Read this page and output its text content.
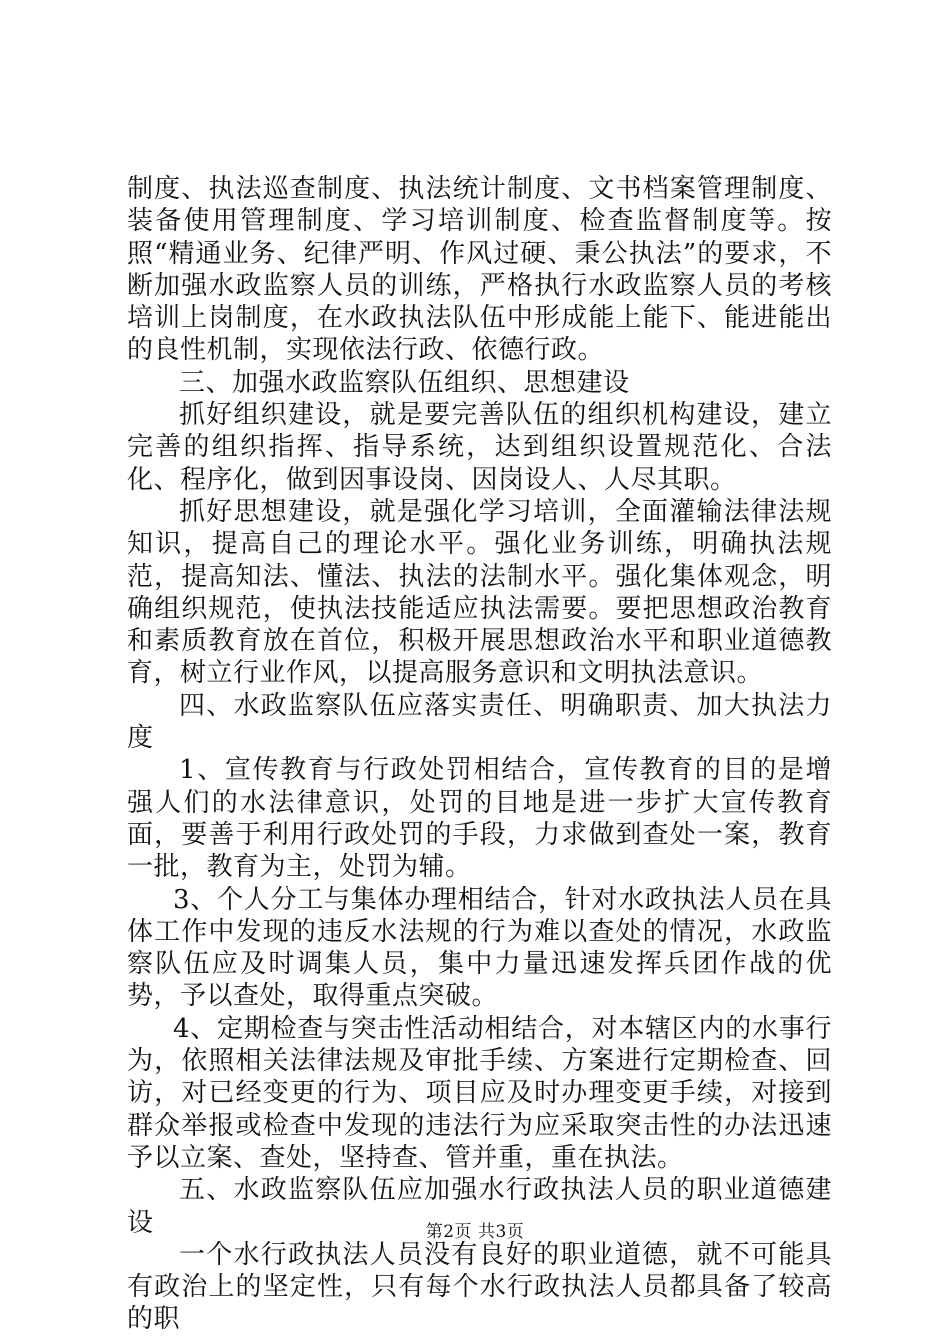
制度、执法巡查制度、执法统计制度、文书档案管理制度、装备使用管理制度、学习培训制度、检查监督制度等。按照“精通业务、纪律严明、作风过硬、秉公执法”的要求，不断加强水政监察人员的训练，严格执行水政监察人员的考核培训上岗制度，在水政执法队伍中形成能上能下、能进能出的良性机制，实现依法行政、依德行政。

三、加强水政监察队伍组织、思想建设

抓好组织建设，就是要完善队伍的组织机构建设，建立完善的组织指挥、指导系统，达到组织设置规范化、合法化、程序化，做到因事设岗、因岗设人、人尽其职。

抓好思想建设，就是强化学习培训，全面灌输法律法规知识，提高自己的理论水平。强化业务训练，明确执法规范，提高知法、懂法、执法的法制水平。强化集体观念，明确组织规范，使执法技能适应执法需要。要把思想政治教育和素质教育放在首位，积极开展思想政治水平和职业道德教育，树立行业作风，以提高服务意识和文明执法意识。

四、水政监察队伍应落实责任、明确职责、加大执法力度

1、宣传教育与行政处罚相结合，宣传教育的目的是增强人们的水法律意识，处罚的目地是进一步扩大宣传教育面，要善于利用行政处罚的手段，力求做到查处一案，教育一批，教育为主，处罚为辅。

3、个人分工与集体办理相结合，针对水政执法人员在具体工作中发现的违反水法规的行为难以查处的情况，水政监察队伍应及时调集人员，集中力量迅速发挥兵团作战的优势，予以查处，取得重点突破。

4、定期检查与突击性活动相结合，对本辖区内的水事行为，依照相关法律法规及审批手续、方案进行定期检查、回访，对已经变更的行为、项目应及时办理变更手续，对接到群众举报或检查中发现的违法行为应采取突击性的办法迅速予以立案、查处，坚持查、管并重，重在执法。

五、水政监察队伍应加强水行政执法人员的职业道德建设

一个水行政执法人员没有良好的职业道德，就不可能具有政治上的坚定性，只有每个水行政执法人员都具备了较高的职

第2页 共3页
